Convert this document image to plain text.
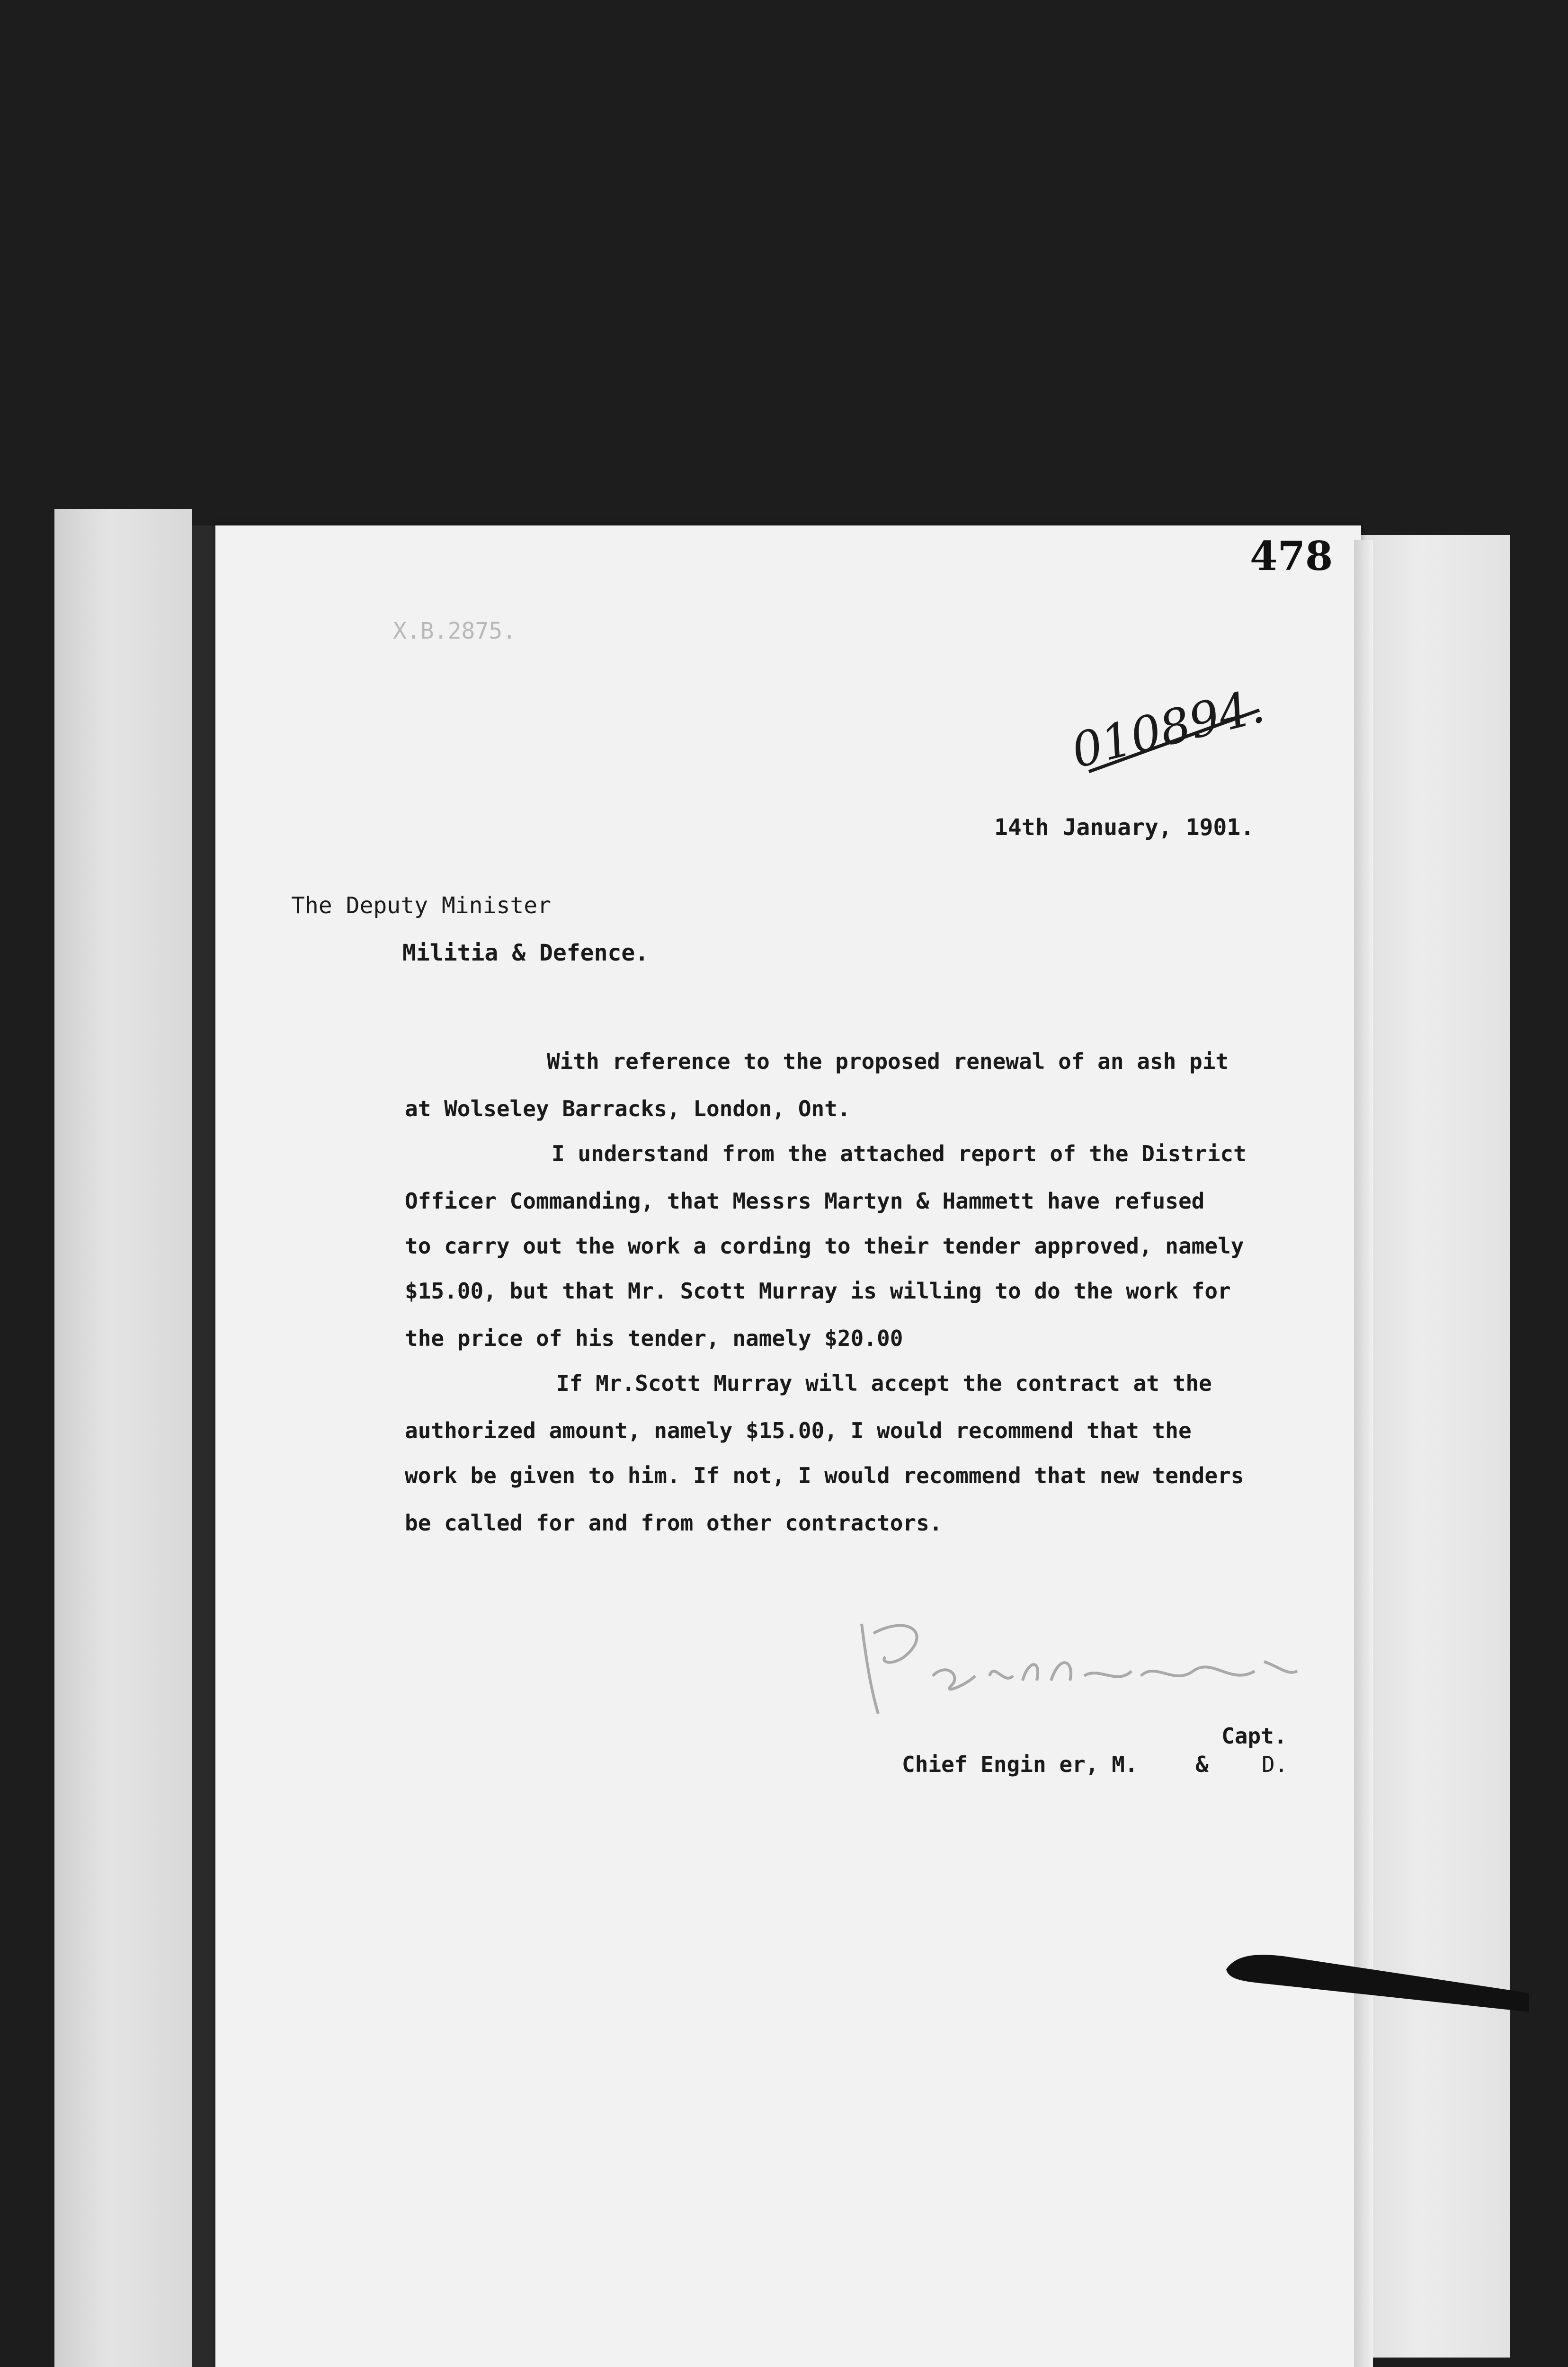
478
X.B.2875.
010894.
14th January, 1901.
The Deputy Minister
Militia & Defence.
With reference to the proposed renewal of an ash pit
at Wolseley Barracks, London, Ont.
I understand from the attached report of the District
Officer Commanding, that Messrs Martyn & Hammett have refused
to carry out the work a cording to their tender approved, namely
$15.00, but that Mr. Scott Murray is willing to do the work for
the price of his tender, namely $20.00
If Mr.Scott Murray will accept the contract at the
authorized amount, namely $15.00, I would recommend that the
work be given to him. If not, I would recommend that new tenders
be called for and from other contractors.
Capt.
Chief Engin er, M.	& D.
